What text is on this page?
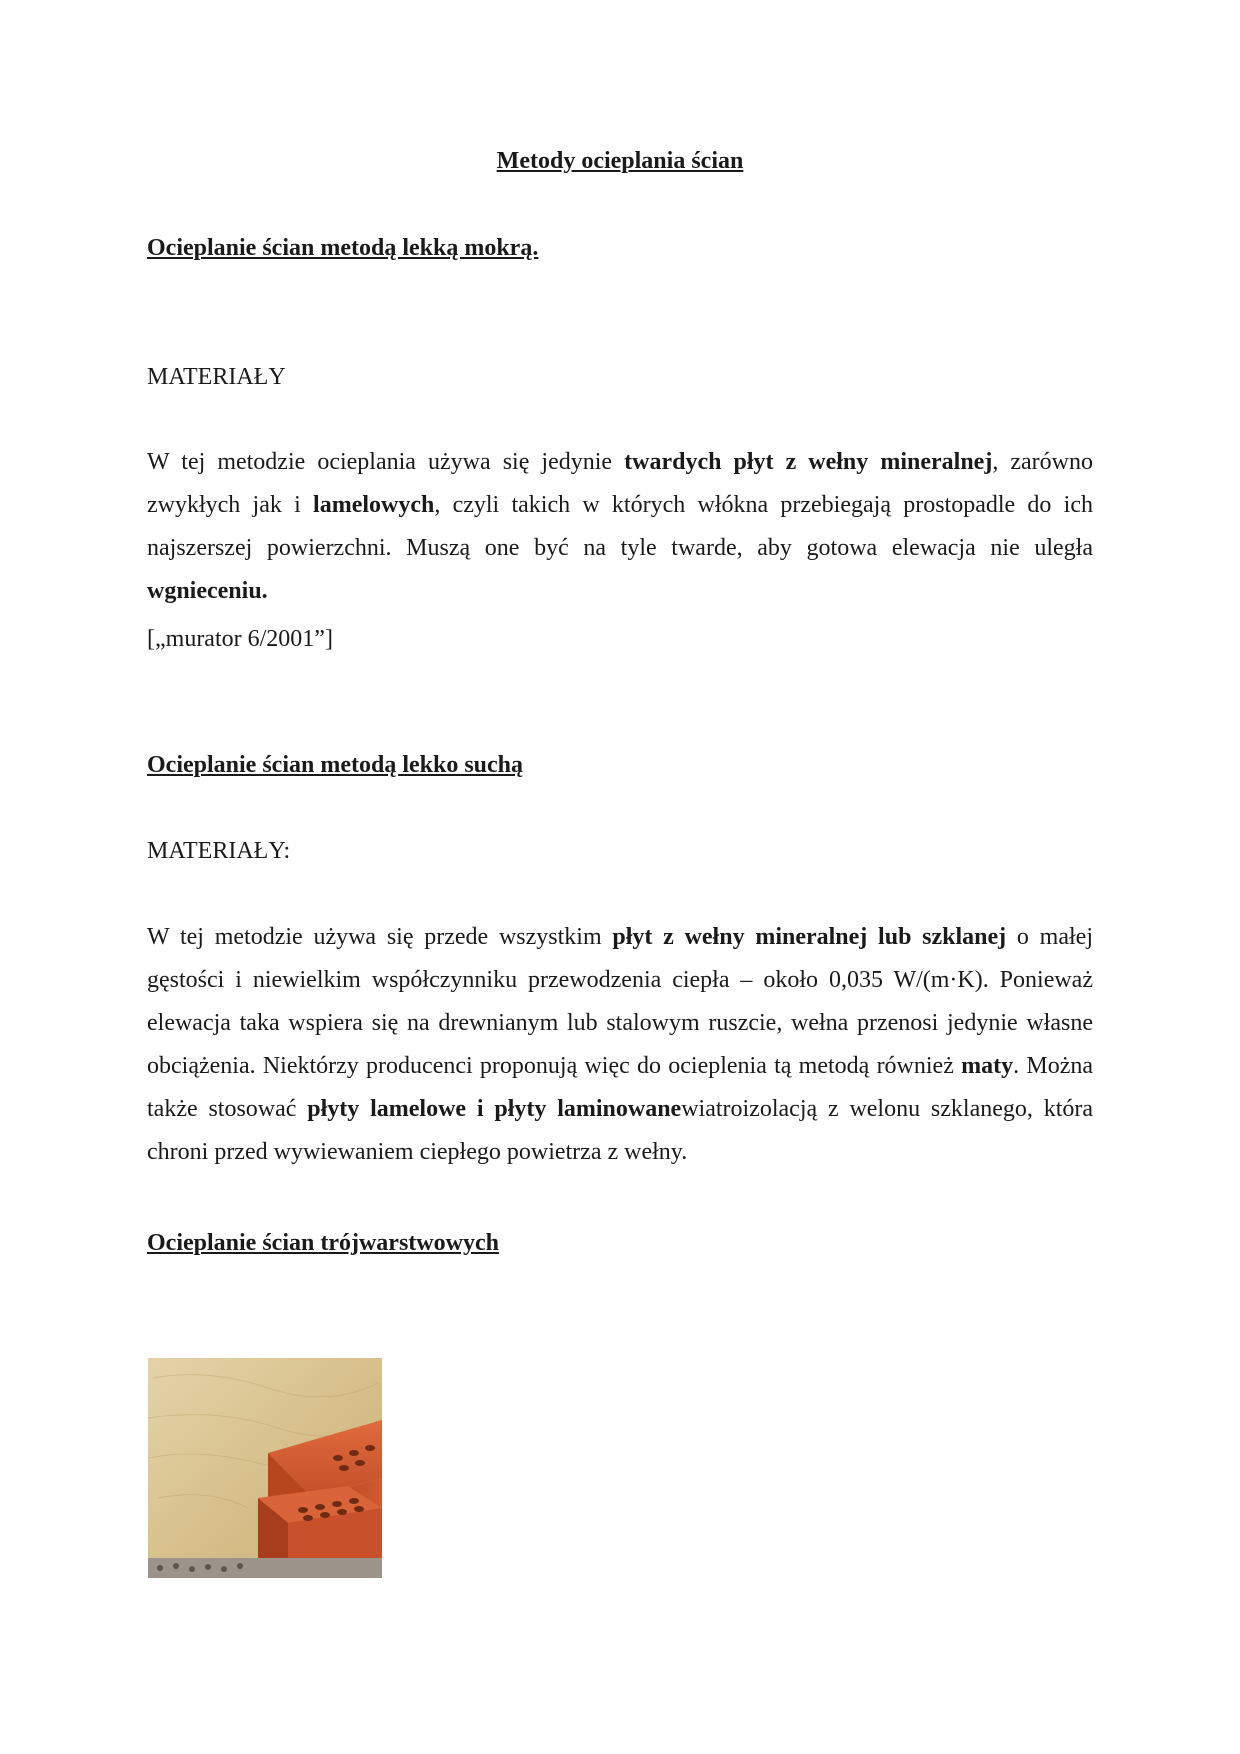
Metody ocieplania ścian
Ocieplanie ścian metodą lekką mokrą.
MATERIAŁY

W tej metodzie ocieplania używa się jedynie twardych płyt z wełny mineralnej, zarówno zwykłych jak i lamelowych, czyli takich w których włókna przebiegają prostopadle do ich najszerszej powierzchni. Muszą one być na tyle twarde, aby gotowa elewacja nie uległa wgnieceniu.

[„murator 6/2001”]
Ocieplanie ścian metodą lekko suchą
MATERIAŁY:

W tej metodzie używa się przede wszystkim płyt z wełny mineralnej lub szklanej o małej gęstości i niewielkim współczynniku przewodzenia ciepła – około 0,035 W/(m·K). Ponieważ elewacja taka wspiera się na drewnianym lub stalowym ruszcie, wełna przenosi jedynie własne obciążenia. Niektórzy producenci proponują więc do ocieplenia tą metodą również maty. Można także stosować płyty lamelowe i płyty laminowanewiatroizolacją z welonu szklanego, która chroni przed wywiewaniem ciepłego powietrza z wełny.

Ocieplanie ścian trójwarstwowych
